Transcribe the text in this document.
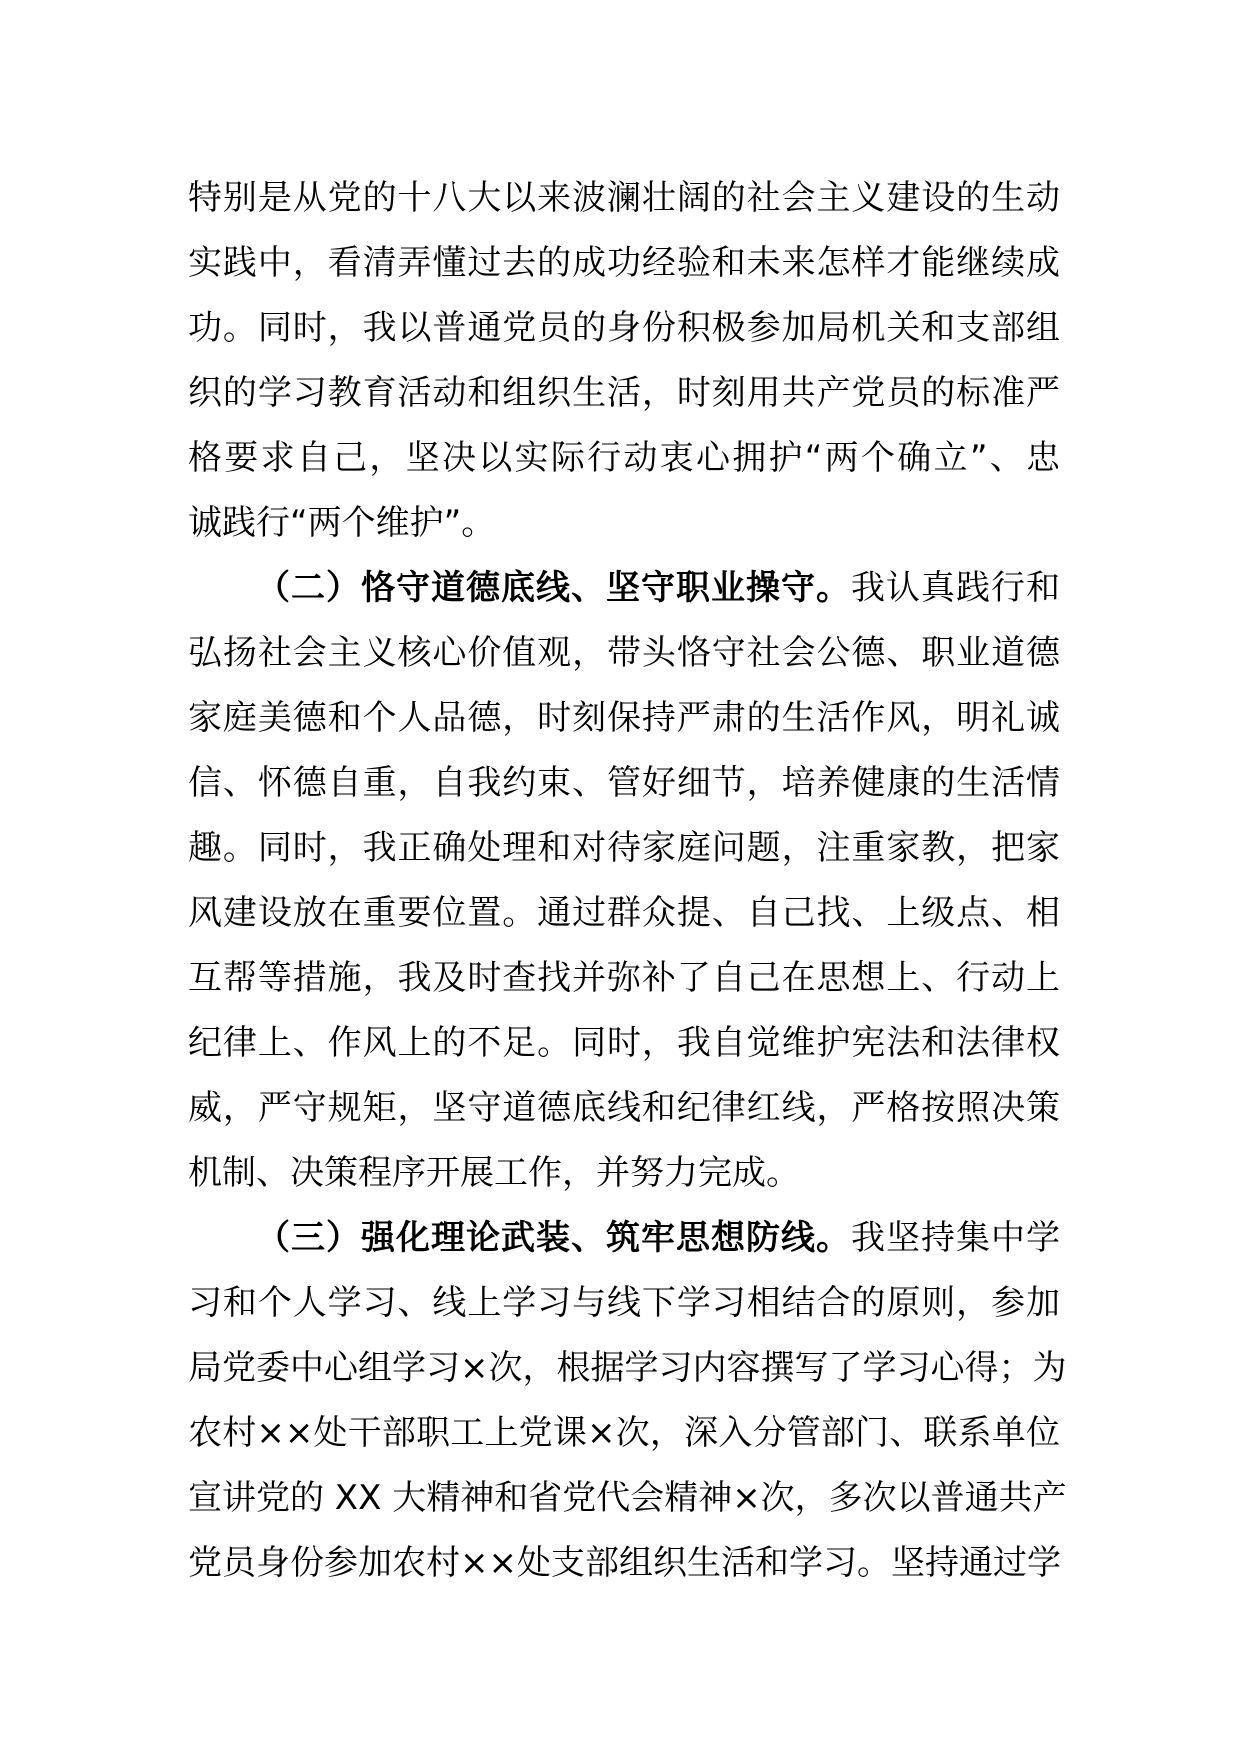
特别是从党的十八大以来波澜壮阔的社会主义建设的生动
实践中，看清弄懂过去的成功经验和未来怎样才能继续成
功。同时，我以普通党员的身份积极参加局机关和支部组
织的学习教育活动和组织生活，时刻用共产党员的标准严
格要求自己，坚决以实际行动衷心拥护“两个确立”、忠
诚践行“两个维护”。
（二）恪守道德底线、坚守职业操守。我认真践行和
弘扬社会主义核心价值观，带头恪守社会公德、职业道德
家庭美德和个人品德，时刻保持严肃的生活作风，明礼诚
信、怀德自重，自我约束、管好细节，培养健康的生活情
趣。同时，我正确处理和对待家庭问题，注重家教，把家
风建设放在重要位置。通过群众提、自己找、上级点、相
互帮等措施，我及时查找并弥补了自己在思想上、行动上
纪律上、作风上的不足。同时，我自觉维护宪法和法律权
威，严守规矩，坚守道德底线和纪律红线，严格按照决策
机制、决策程序开展工作，并努力完成。
（三）强化理论武装、筑牢思想防线。我坚持集中学
习和个人学习、线上学习与线下学习相结合的原则，参加
局党委中心组学习×次，根据学习内容撰写了学习心得；为
农村××处干部职工上党课×次，深入分管部门、联系单位
宣讲党的 XX 大精神和省党代会精神×次，多次以普通共产
党员身份参加农村××处支部组织生活和学习。坚持通过学
